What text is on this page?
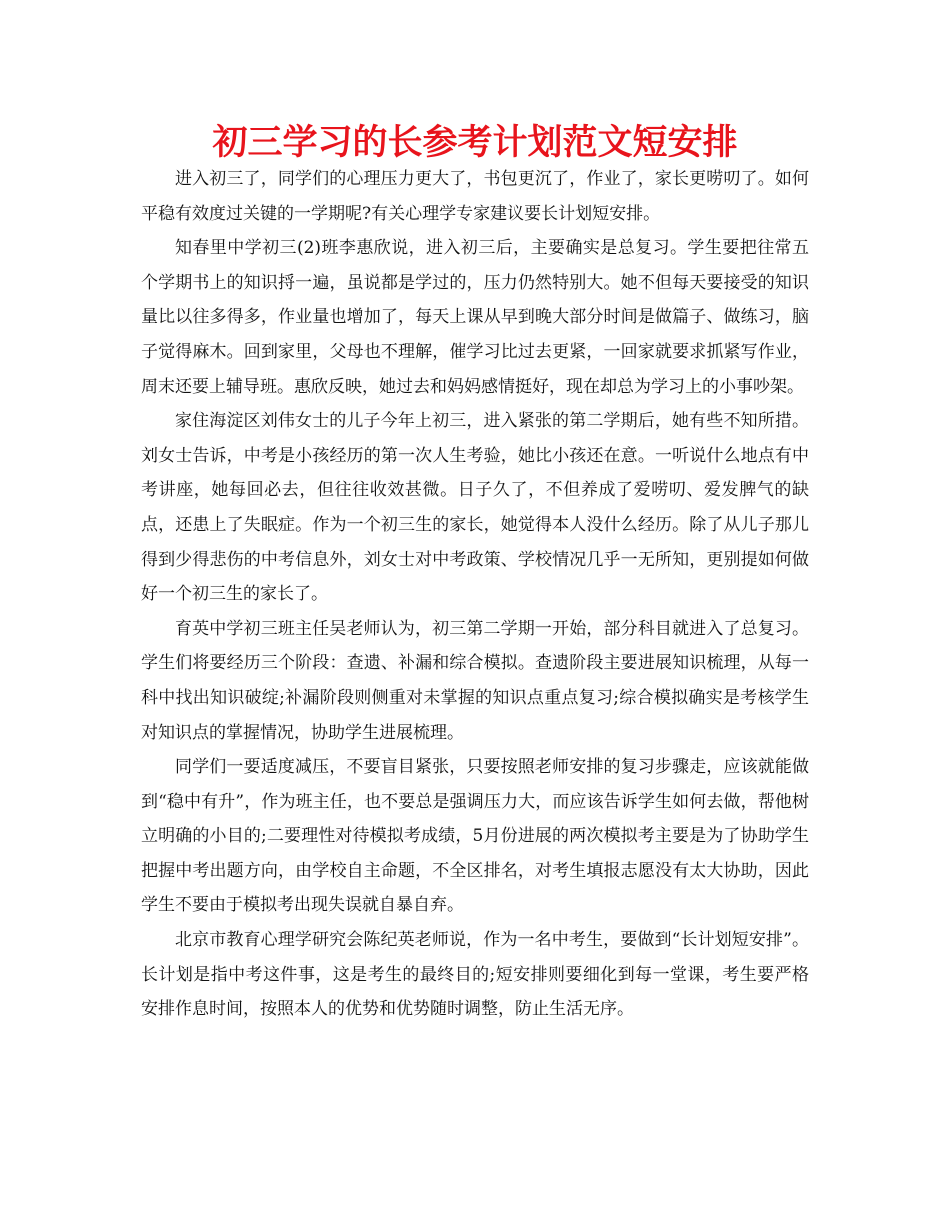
初三学习的长参考计划范文短安排

进入初三了，同学们的心理压力更大了，书包更沉了，作业了，家长更唠叨了。如何平稳有效度过关键的一学期呢?有关心理学专家建议要长计划短安排。

知春里中学初三(2)班李惠欣说，进入初三后，主要确实是总复习。学生要把往常五个学期书上的知识捋一遍，虽说都是学过的，压力仍然特别大。她不但每天要接受的知识量比以往多得多，作业量也增加了，每天上课从早到晚大部分时间是做篇子、做练习，脑子觉得麻木。回到家里，父母也不理解，催学习比过去更紧，一回家就要求抓紧写作业，周末还要上辅导班。惠欣反映，她过去和妈妈感情挺好，现在却总为学习上的小事吵架。

家住海淀区刘伟女士的儿子今年上初三，进入紧张的第二学期后，她有些不知所措。刘女士告诉，中考是小孩经历的第一次人生考验，她比小孩还在意。一听说什么地点有中考讲座，她每回必去，但往往收效甚微。日子久了，不但养成了爱唠叨、爱发脾气的缺点，还患上了失眠症。作为一个初三生的家长，她觉得本人没什么经历。除了从儿子那儿得到少得悲伤的中考信息外，刘女士对中考政策、学校情况几乎一无所知，更别提如何做好一个初三生的家长了。

育英中学初三班主任吴老师认为，初三第二学期一开始，部分科目就进入了总复习。学生们将要经历三个阶段：查遗、补漏和综合模拟。查遗阶段主要进展知识梳理，从每一科中找出知识破绽;补漏阶段则侧重对未掌握的知识点重点复习;综合模拟确实是考核学生对知识点的掌握情况，协助学生进展梳理。

同学们一要适度减压，不要盲目紧张，只要按照老师安排的复习步骤走，应该就能做到“稳中有升”，作为班主任，也不要总是强调压力大，而应该告诉学生如何去做，帮他树立明确的小目的;二要理性对待模拟考成绩，5月份进展的两次模拟考主要是为了协助学生把握中考出题方向，由学校自主命题，不全区排名，对考生填报志愿没有太大协助，因此学生不要由于模拟考出现失误就自暴自弃。

北京市教育心理学研究会陈纪英老师说，作为一名中考生，要做到“长计划短安排”。长计划是指中考这件事，这是考生的最终目的;短安排则要细化到每一堂课，考生要严格安排作息时间，按照本人的优势和优势随时调整，防止生活无序。
